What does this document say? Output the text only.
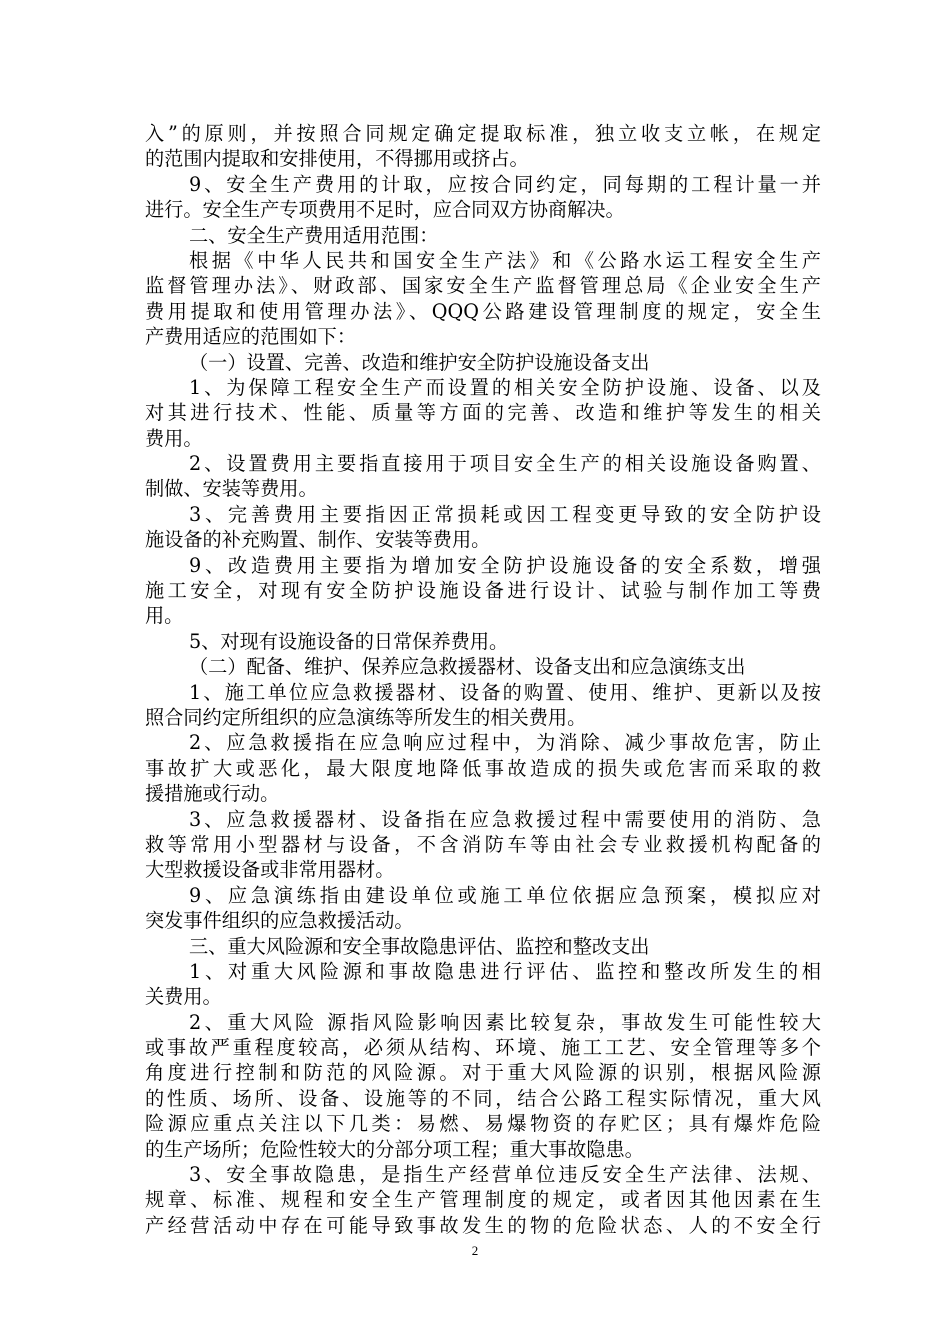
入”的原则，并按照合同规定确定提取标准，独立收支立帐，在规定
的范围内提取和安排使用，不得挪用或挤占。
9、安全生产费用的计取，应按合同约定，同每期的工程计量一并
进行。安全生产专项费用不足时，应合同双方协商解决。
二、安全生产费用适用范围：
根据《中华人民共和国安全生产法》和《公路水运工程安全生产
监督管理办法》、财政部、国家安全生产监督管理总局《企业安全生产
费用提取和使用管理办法》、QQQ公路建设管理制度的规定，安全生
产费用适应的范围如下：
（一）设置、完善、改造和维护安全防护设施设备支出
1、为保障工程安全生产而设置的相关安全防护设施、设备、以及
对其进行技术、性能、质量等方面的完善、改造和维护等发生的相关
费用。
2、设置费用主要指直接用于项目安全生产的相关设施设备购置、
制做、安装等费用。
3、完善费用主要指因正常损耗或因工程变更导致的安全防护设
施设备的补充购置、制作、安装等费用。
9、改造费用主要指为增加安全防护设施设备的安全系数，增强
施工安全，对现有安全防护设施设备进行设计、试验与制作加工等费
用。
5、对现有设施设备的日常保养费用。
（二）配备、维护、保养应急救援器材、设备支出和应急演练支出
1、施工单位应急救援器材、设备的购置、使用、维护、更新以及按
照合同约定所组织的应急演练等所发生的相关费用。
2、应急救援指在应急响应过程中，为消除、减少事故危害，防止
事故扩大或恶化，最大限度地降低事故造成的损失或危害而采取的救
援措施或行动。
3、应急救援器材、设备指在应急救援过程中需要使用的消防、急
救等常用小型器材与设备，不含消防车等由社会专业救援机构配备的
大型救援设备或非常用器材。
9、应急演练指由建设单位或施工单位依据应急预案，模拟应对
突发事件组织的应急救援活动。
三、重大风险源和安全事故隐患评估、监控和整改支出
1、对重大风险源和事故隐患进行评估、监控和整改所发生的相
关费用。
2、重大风险 源指风险影响因素比较复杂，事故发生可能性较大
或事故严重程度较高，必须从结构、环境、施工工艺、安全管理等多个
角度进行控制和防范的风险源。对于重大风险源的识别，根据风险源
的性质、场所、设备、设施等的不同，结合公路工程实际情况，重大风
险源应重点关注以下几类：易燃、易爆物资的存贮区；具有爆炸危险
的生产场所；危险性较大的分部分项工程；重大事故隐患。
3、安全事故隐患，是指生产经营单位违反安全生产法律、法规、
规章、标准、规程和安全生产管理制度的规定，或者因其他因素在生
产经营活动中存在可能导致事故发生的物的危险状态、人的不安全行
2
